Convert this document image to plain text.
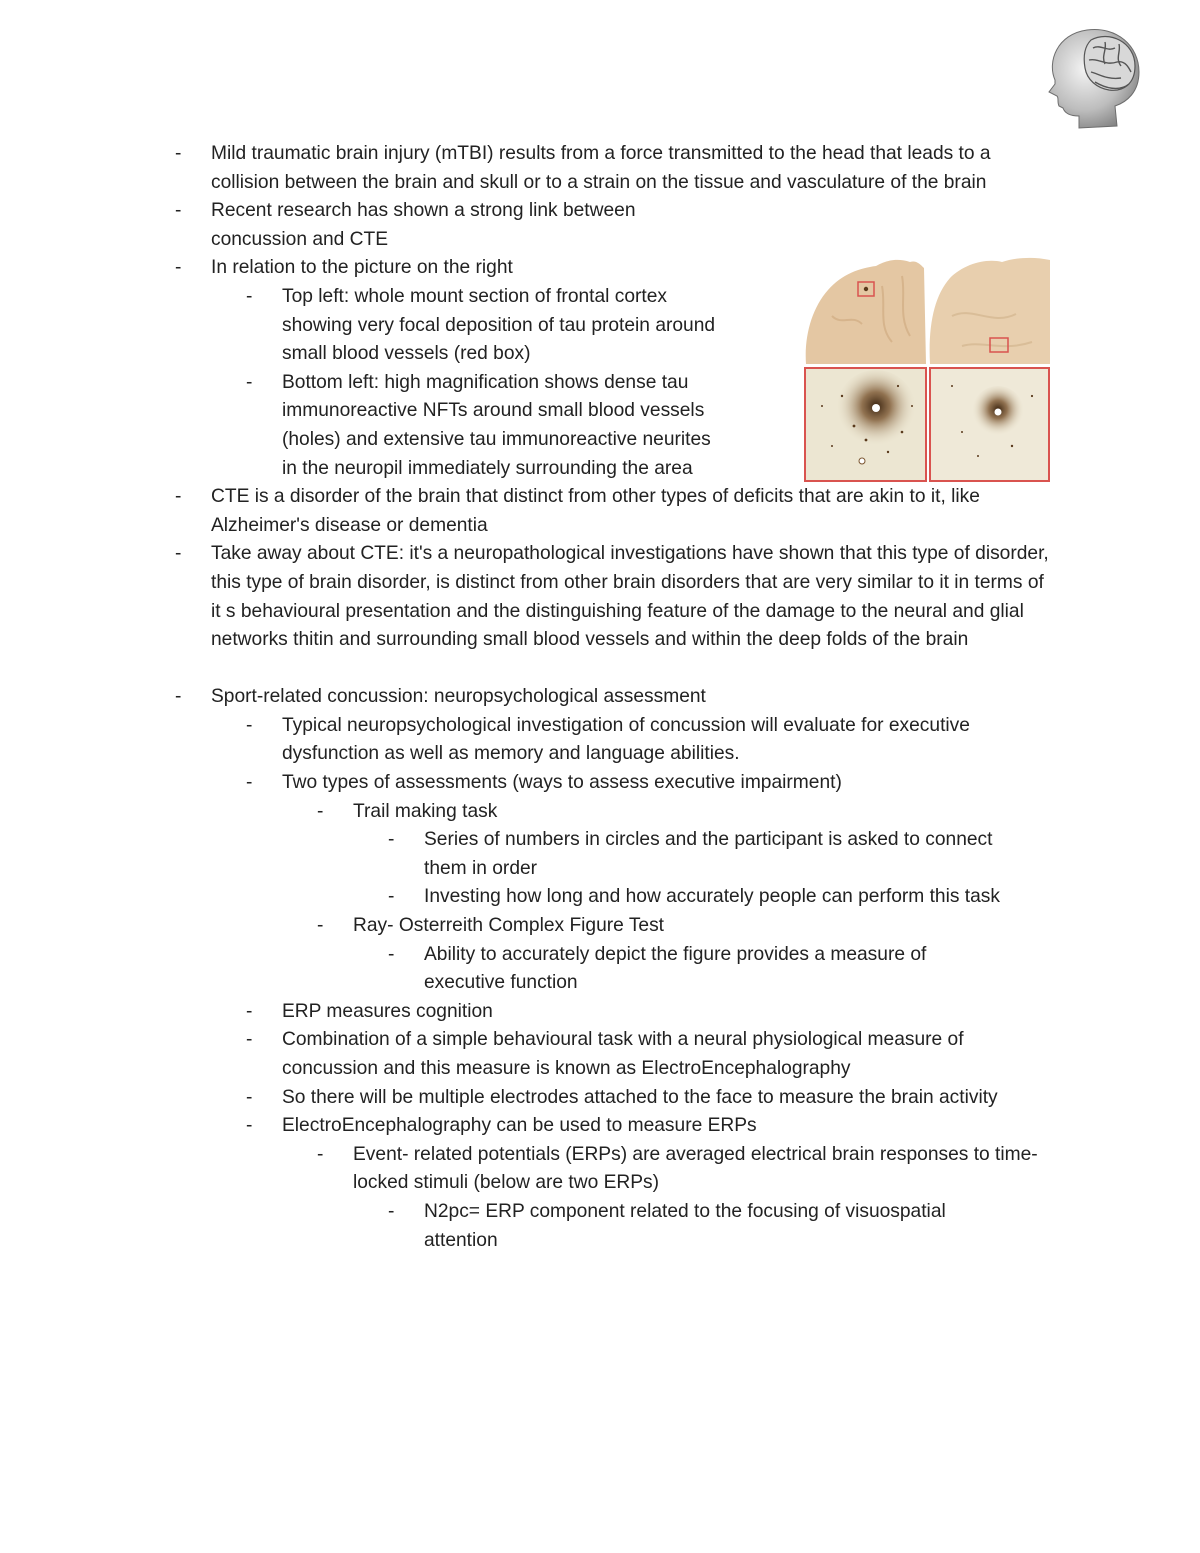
- Mild traumatic brain injury (mTBI) results from a force transmitted to the head that leads to a collision between the brain and skull or to a strain on the tissue and vasculature of the brain
- Recent research has shown a strong link between
concussion and CTE
- In relation to the picture on the right
- Top left: whole mount section of frontal cortex
showing very focal deposition of tau protein around
small blood vessels (red box)
- Bottom left: high magnification shows dense tau
immunoreactive NFTs around small blood vessels
(holes) and extensive tau immunoreactive neurites
in the neuropil immediately surrounding the area
- CTE is a disorder of the brain that distinct from other types of deficits that are akin to it, like Alzheimer's disease or dementia
- Take away about CTE: it's a neuropathological investigations have shown that this type of disorder, this type of brain disorder, is distinct from other brain disorders that are very similar to it in terms of it s behavioural presentation and the distinguishing feature of the damage to the neural and glial networks thitin and surrounding small blood vessels and within the deep folds of the brain
- Sport-related concussion: neuropsychological assessment
- Typical neuropsychological investigation of concussion will evaluate for executive dysfunction as well as memory and language abilities.
- Two types of assessments (ways to assess executive impairment)
- Trail making task
- Series of numbers in circles and the participant is asked to connect them in order
- Investing how long and how accurately people can perform this task
- Ray- Osterreith Complex Figure Test
- Ability to accurately depict the figure provides a measure of executive function
- ERP measures cognition
- Combination of a simple behavioural task with a neural physiological measure of concussion and this measure is known as ElectroEncephalography
- So there will be multiple electrodes attached to the face to measure the brain activity
- ElectroEncephalography can be used to measure ERPs
- Event- related potentials (ERPs) are averaged electrical brain responses to time- locked stimuli (below are two ERPs)
- N2pc= ERP component related to the focusing of visuospatial attention
